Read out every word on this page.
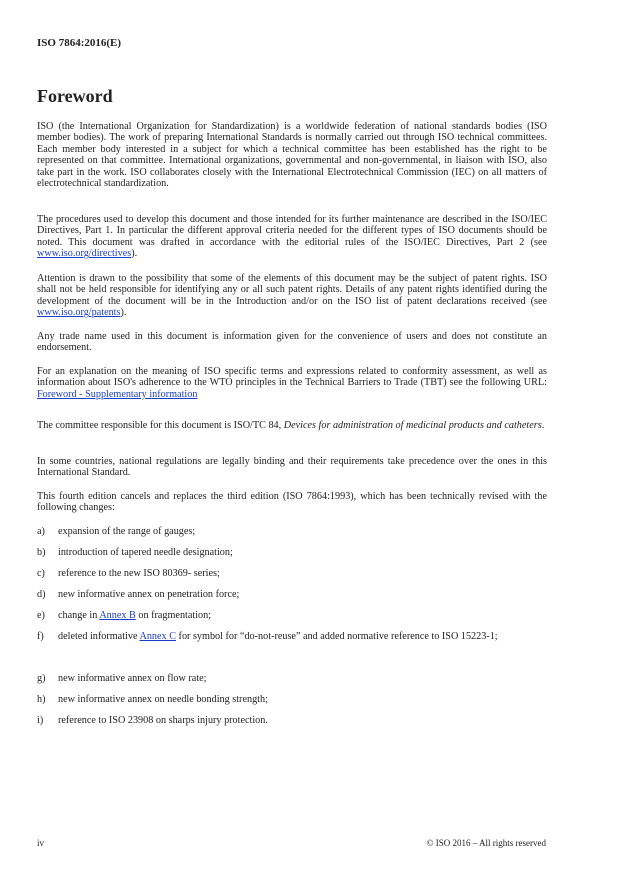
ISO 7864:2016(E)
Foreword

ISO (the International Organization for Standardization) is a worldwide federation of national standards bodies (ISO member bodies). The work of preparing International Standards is normally carried out through ISO technical committees. Each member body interested in a subject for which a technical committee has been established has the right to be represented on that committee. International organizations, governmental and non-governmental, in liaison with ISO, also take part in the work. ISO collaborates closely with the International Electrotechnical Commission (IEC) on all matters of electrotechnical standardization.

The procedures used to develop this document and those intended for its further maintenance are described in the ISO/IEC Directives, Part 1. In particular the different approval criteria needed for the different types of ISO documents should be noted. This document was drafted in accordance with the editorial rules of the ISO/IEC Directives, Part 2 (see www.iso.org/directives).

Attention is drawn to the possibility that some of the elements of this document may be the subject of patent rights. ISO shall not be held responsible for identifying any or all such patent rights. Details of any patent rights identified during the development of the document will be in the Introduction and/or on the ISO list of patent declarations received (see www.iso.org/patents).

Any trade name used in this document is information given for the convenience of users and does not constitute an endorsement.

For an explanation on the meaning of ISO specific terms and expressions related to conformity assessment, as well as information about ISO's adherence to the WTO principles in the Technical Barriers to Trade (TBT) see the following URL: Foreword - Supplementary information

The committee responsible for this document is ISO/TC 84, Devices for administration of medicinal products and catheters.

In some countries, national regulations are legally binding and their requirements take precedence over the ones in this International Standard.

This fourth edition cancels and replaces the third edition (ISO 7864:1993), which has been technically revised with the following changes:

a) expansion of the range of gauges;
b) introduction of tapered needle designation;
c) reference to the new ISO 80369- series;
d) new informative annex on penetration force;
e) change in Annex B on fragmentation;
f) deleted informative Annex C for symbol for “do-not-reuse” and added normative reference to ISO 15223-1;
g) new informative annex on flow rate;
h) new informative annex on needle bonding strength;
i) reference to ISO 23908 on sharps injury protection.
iv	© ISO 2016 – All rights reserved
